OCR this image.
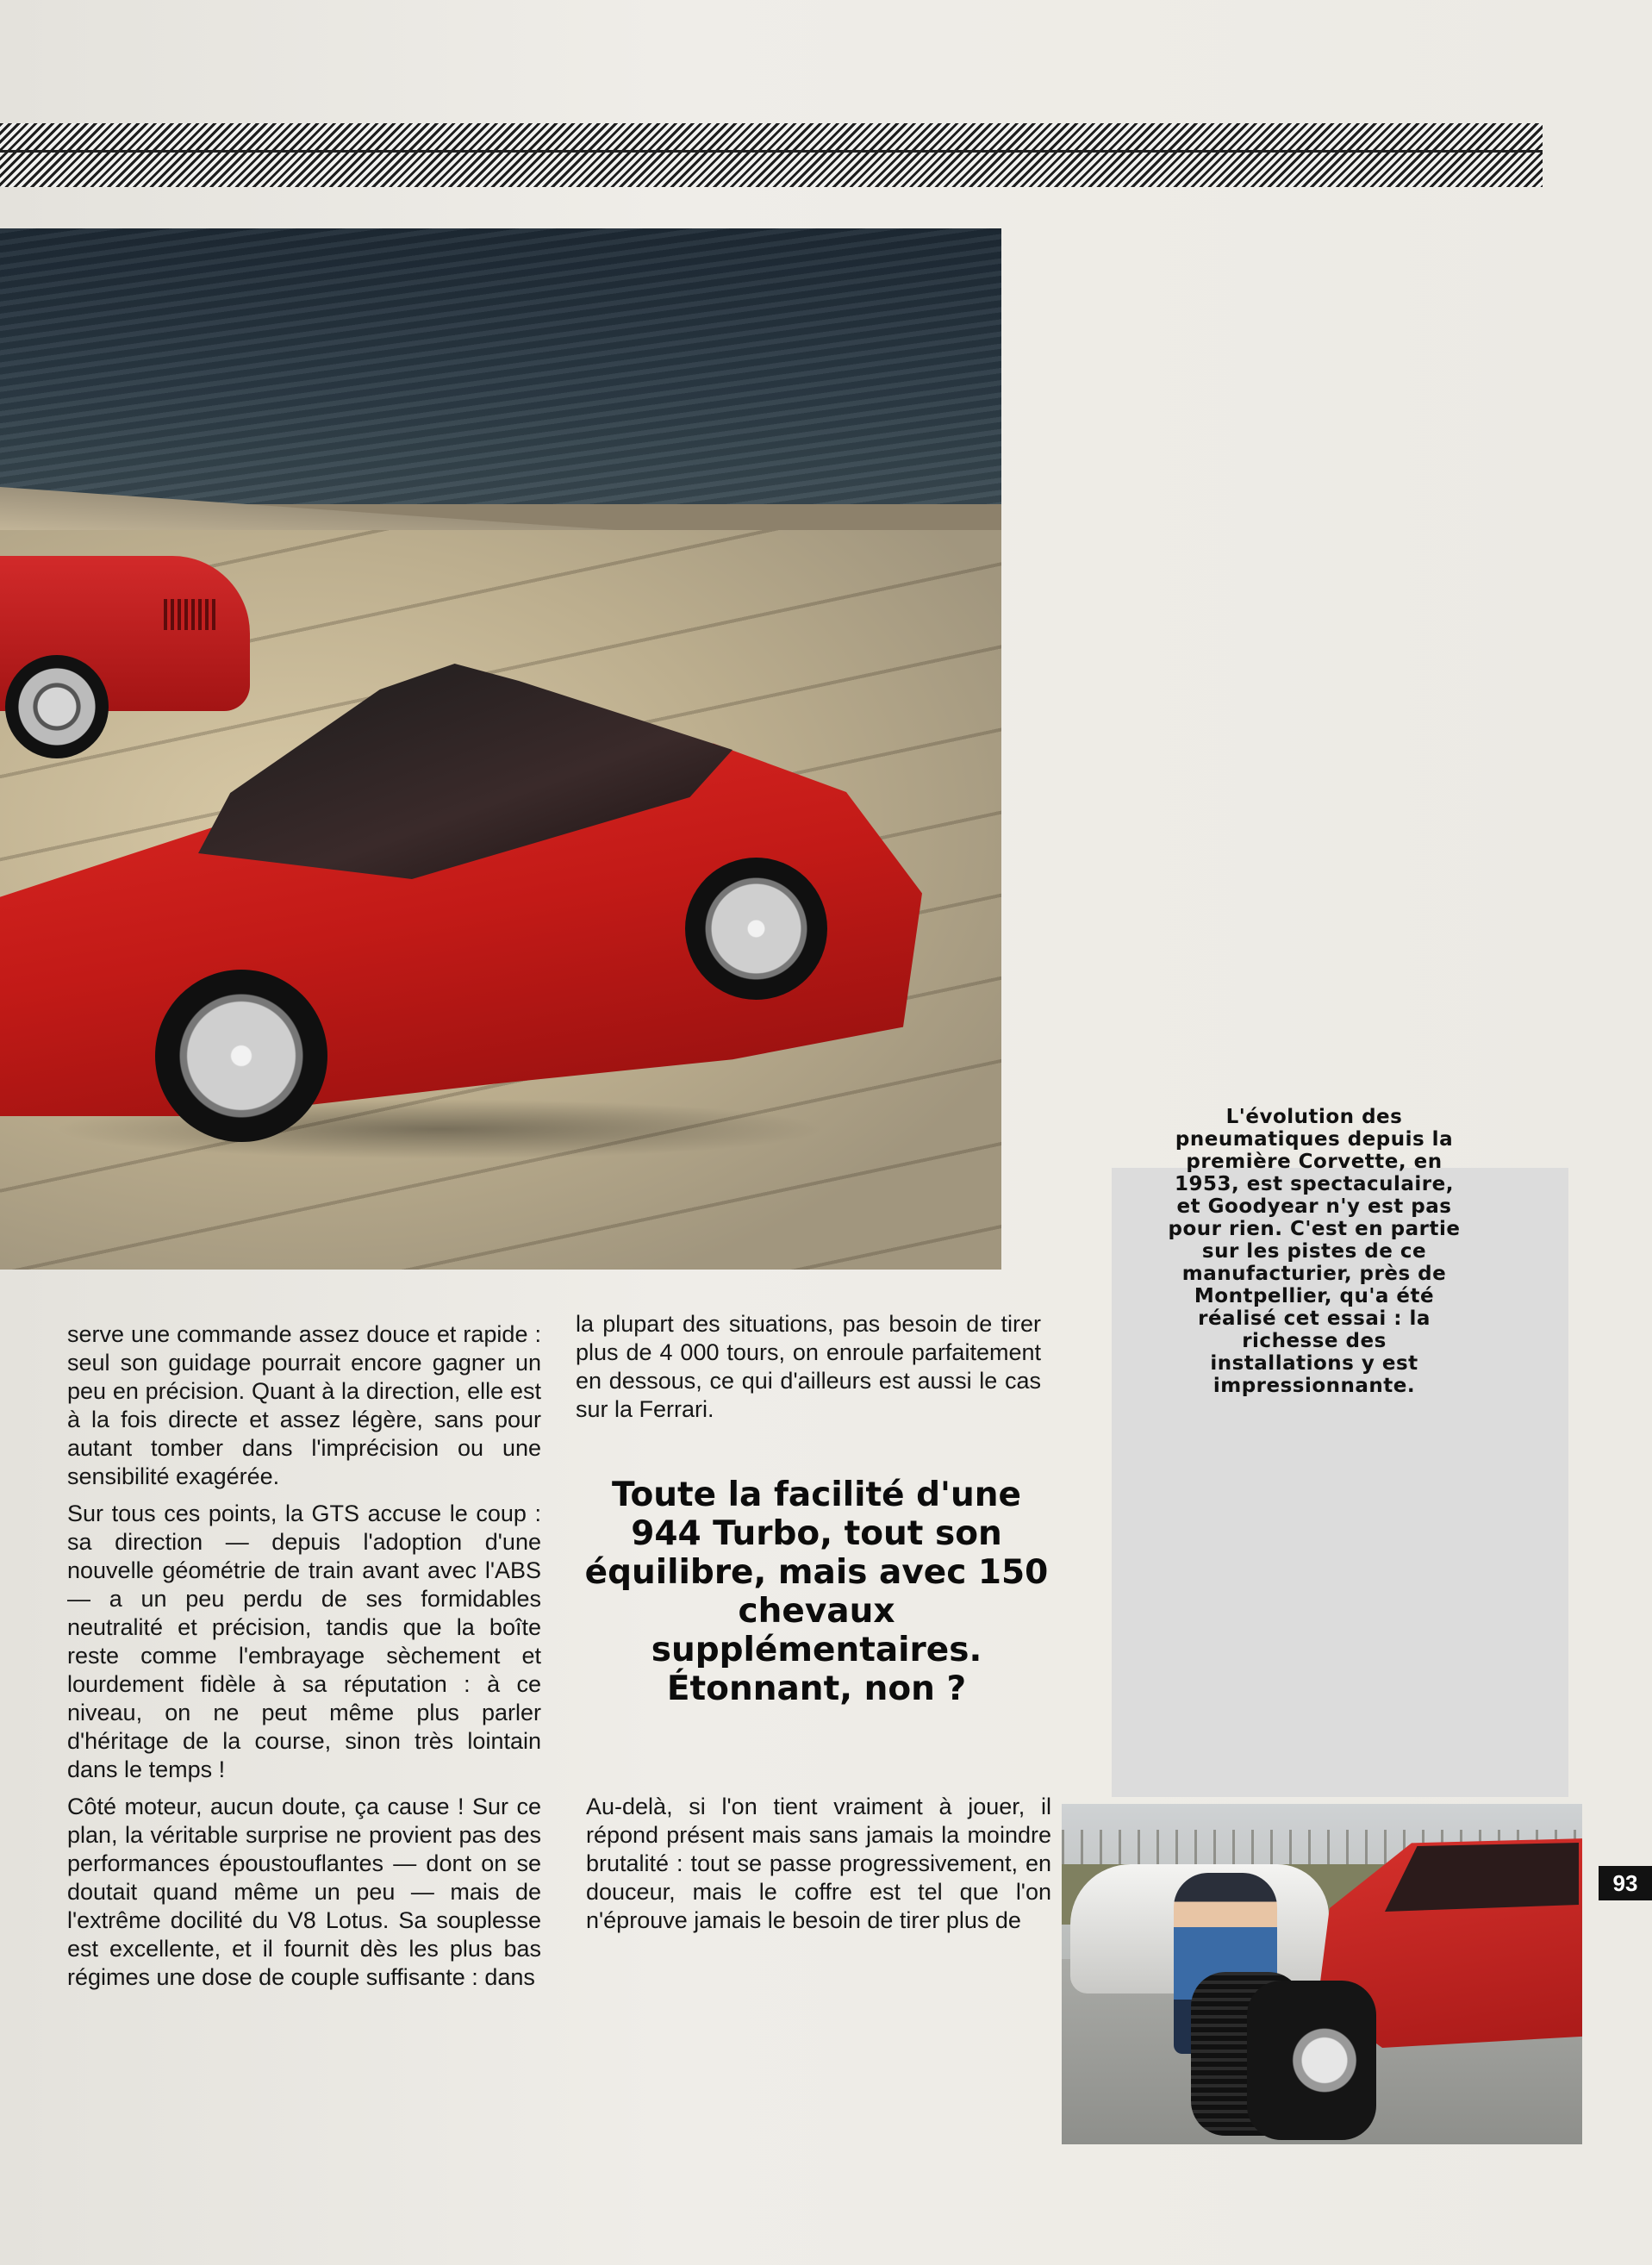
L'évolution des pneumatiques depuis la première Corvette, en 1953, est spectaculaire, et Goodyear n'y est pas pour rien. C'est en partie sur les pistes de ce manufacturier, près de Montpellier, qu'a été réalisé cet essai : la richesse des installations y est impressionnante.

serve une commande assez douce et rapide : seul son guidage pourrait encore gagner un peu en précision. Quant à la direction, elle est à la fois directe et assez légère, sans pour autant tomber dans l'imprécision ou une sensibilité exagérée.

Sur tous ces points, la GTS accuse le coup : sa direction — depuis l'adoption d'une nouvelle géométrie de train avant avec l'ABS — a un peu perdu de ses formidables neutralité et précision, tandis que la boîte reste comme l'embrayage sèchement et lourdement fidèle à sa réputation : à ce niveau, on ne peut même plus parler d'héritage de la course, sinon très lointain dans le temps !

Côté moteur, aucun doute, ça cause ! Sur ce plan, la véritable surprise ne provient pas des performances époustouflantes — dont on se doutait quand même un peu — mais de l'extrême docilité du V8 Lotus. Sa souplesse est excellente, et il fournit dès les plus bas régimes une dose de couple suffisante : dans

la plupart des situations, pas besoin de tirer plus de 4 000 tours, on enroule parfaitement en dessous, ce qui d'ailleurs est aussi le cas sur la Ferrari.

Toute la facilité d'une 944 Turbo, tout son équilibre, mais avec 150 chevaux supplémentaires. Étonnant, non ?

Au-delà, si l'on tient vraiment à jouer, il répond présent mais sans jamais la moindre brutalité : tout se passe progressivement, en douceur, mais le coffre est tel que l'on n'éprouve jamais le besoin de tirer plus de

93
